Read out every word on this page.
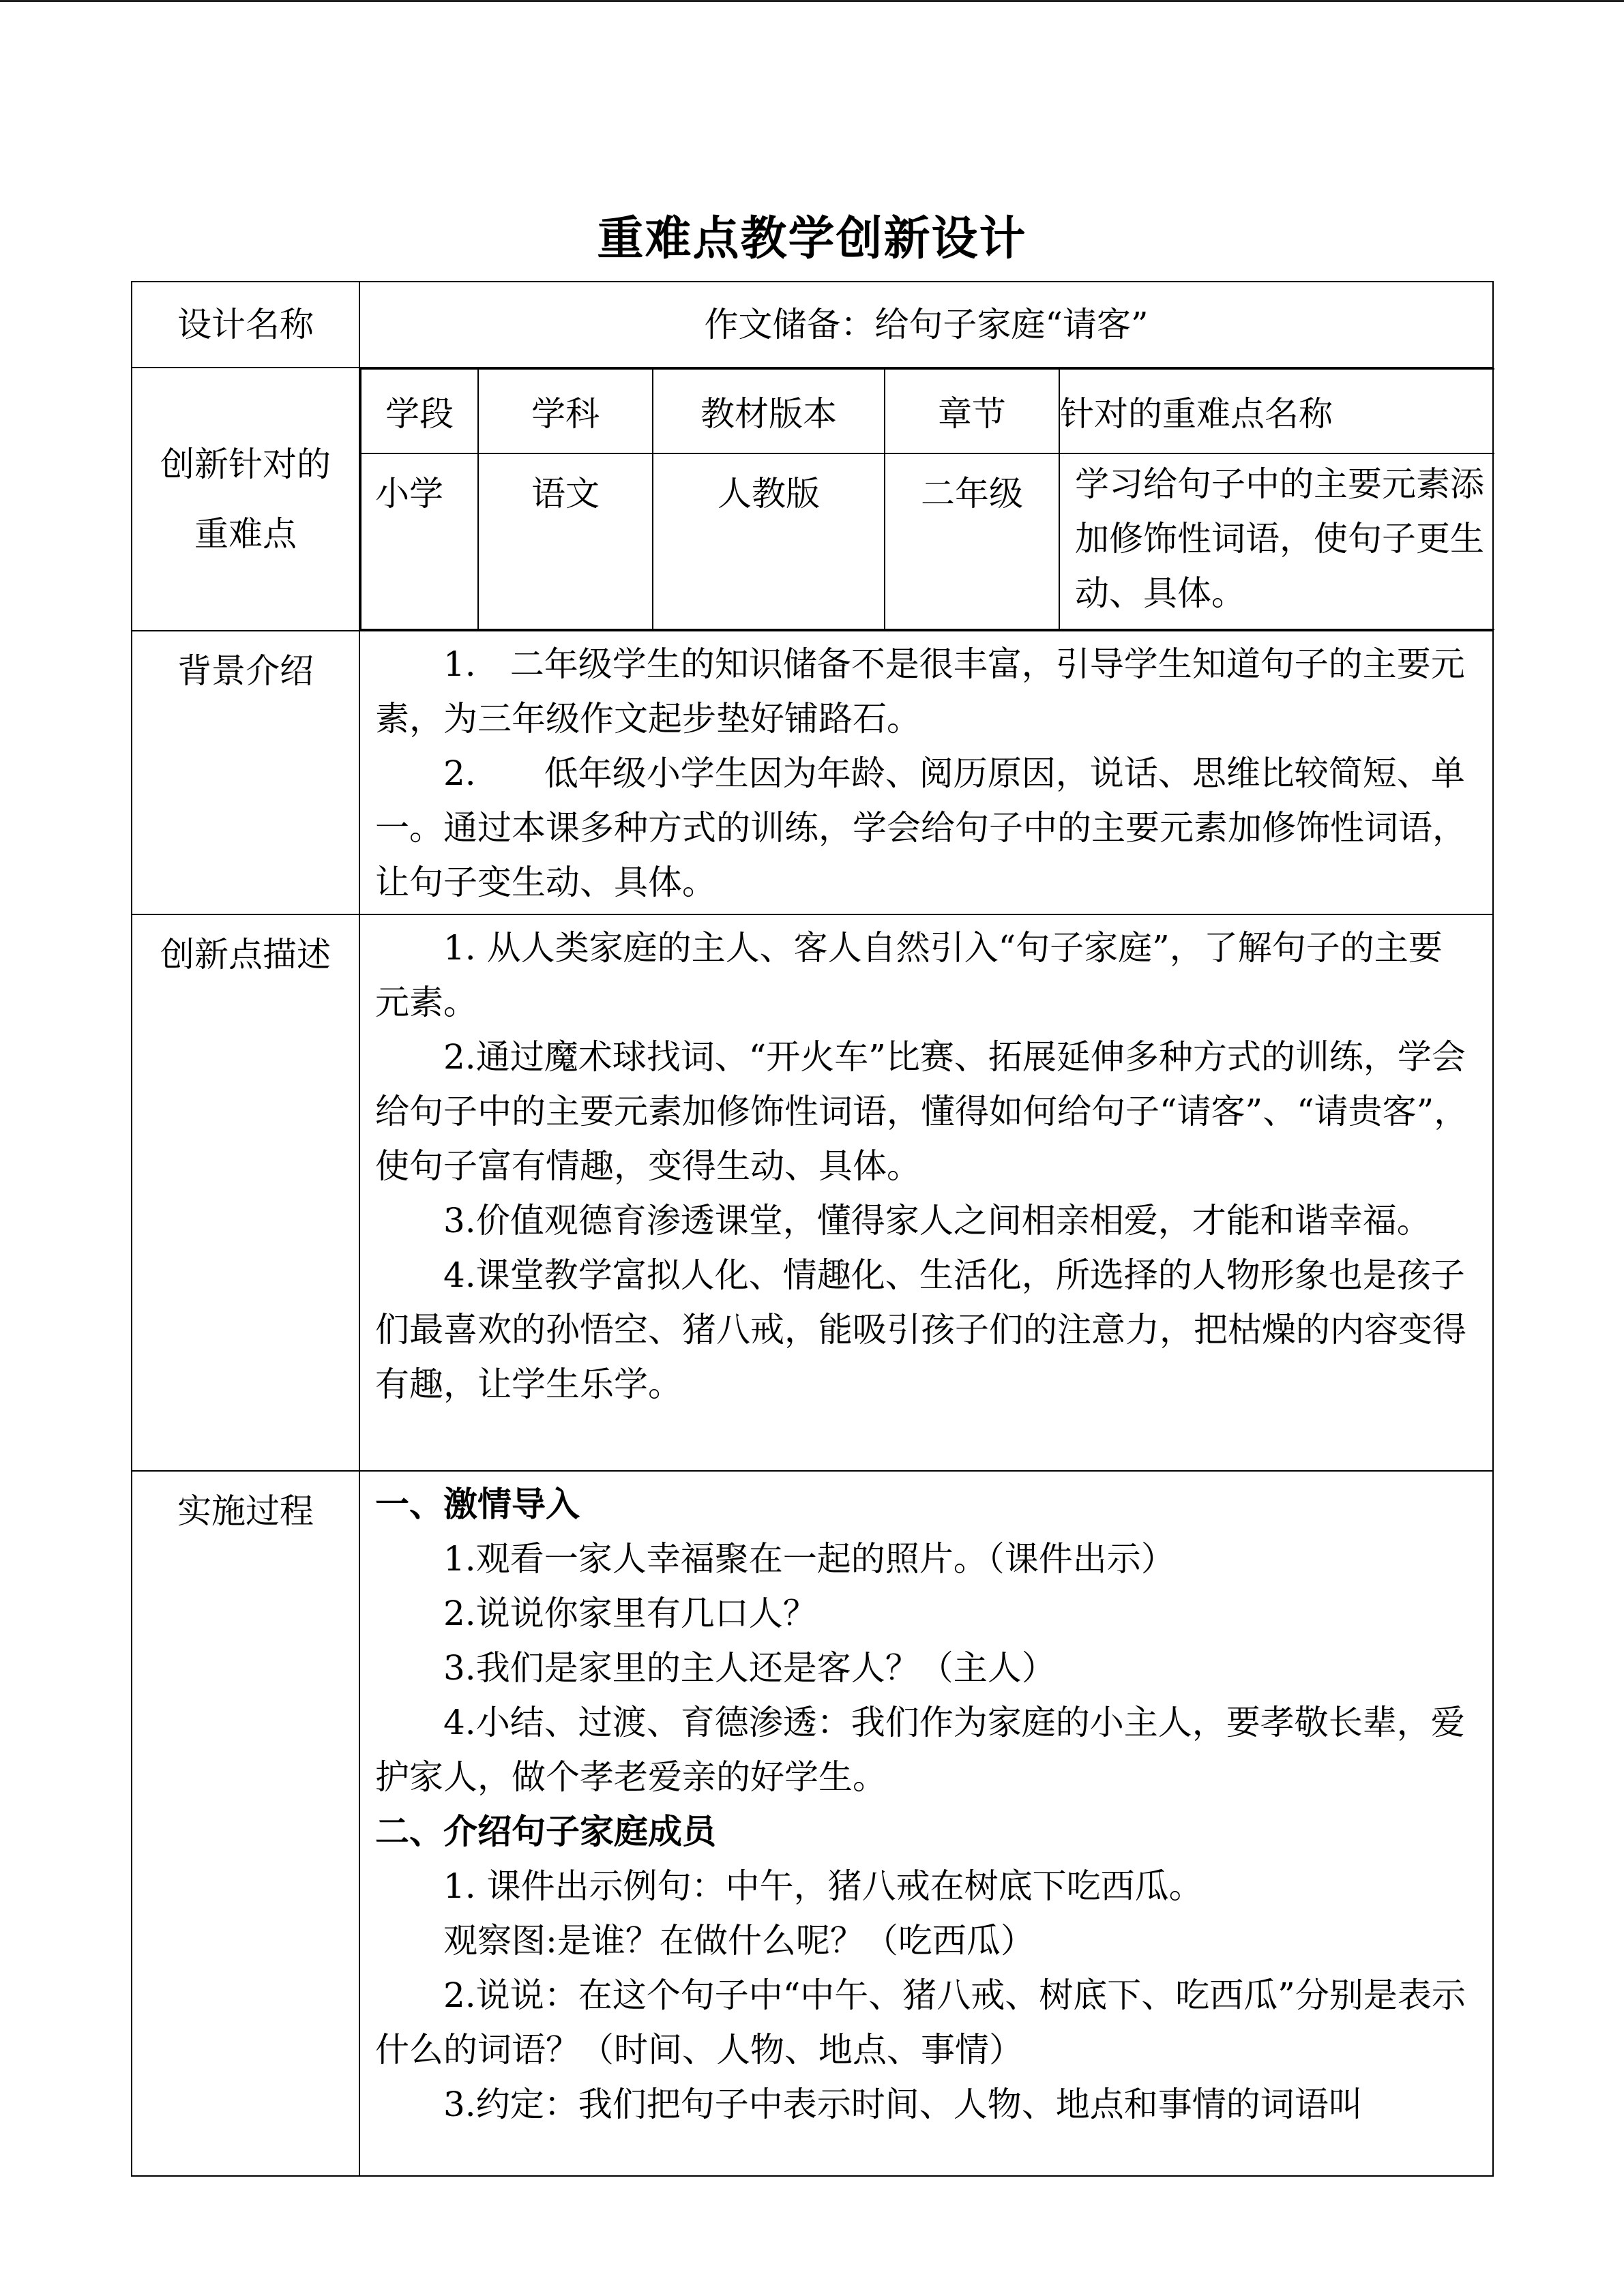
重难点教学创新设计
设计名称	作文储备：给句子家庭“请客”

创新针对的
重难点

学段	学科	教材版本	章节	针对的重难点名称
小学	语文	人教版	二年级	学习给句子中的主要元素添加修饰性词语，使句子更生动、具体。

背景介绍	1.　二年级学生的知识储备不是很丰富，引导学生知道句子的主要元素，为三年级作文起步垫好铺路石。

2.　　低年级小学生因为年龄、阅历原因，说话、思维比较简短、单一。通过本课多种方式的训练，学会给句子中的主要元素加修饰性词语，让句子变生动、具体。

创新点描述	1. 从人类家庭的主人、客人自然引入“句子家庭”，了解句子的主要元素。

2.通过魔术球找词、“开火车”比赛、拓展延伸多种方式的训练，学会给句子中的主要元素加修饰性词语，懂得如何给句子“请客”、“请贵客”，使句子富有情趣，变得生动、具体。

3.价值观德育渗透课堂，懂得家人之间相亲相爱，才能和谐幸福。

4.课堂教学富拟人化、情趣化、生活化，所选择的人物形象也是孩子们最喜欢的孙悟空、猪八戒，能吸引孩子们的注意力，把枯燥的内容变得有趣，让学生乐学。

实施过程	一、激情导入

1.观看一家人幸福聚在一起的照片。（课件出示）

2.说说你家里有几口人？

3.我们是家里的主人还是客人？（主人）

4.小结、过渡、育德渗透：我们作为家庭的小主人，要孝敬长辈，爱护家人，做个孝老爱亲的好学生。

二、介绍句子家庭成员

1. 课件出示例句：中午，猪八戒在树底下吃西瓜。

观察图:是谁？在做什么呢？（吃西瓜）

2.说说：在这个句子中“中午、猪八戒、树底下、吃西瓜”分别是表示什么的词语？（时间、人物、地点、事情）

3.约定：我们把句子中表示时间、人物、地点和事情的词语叫
